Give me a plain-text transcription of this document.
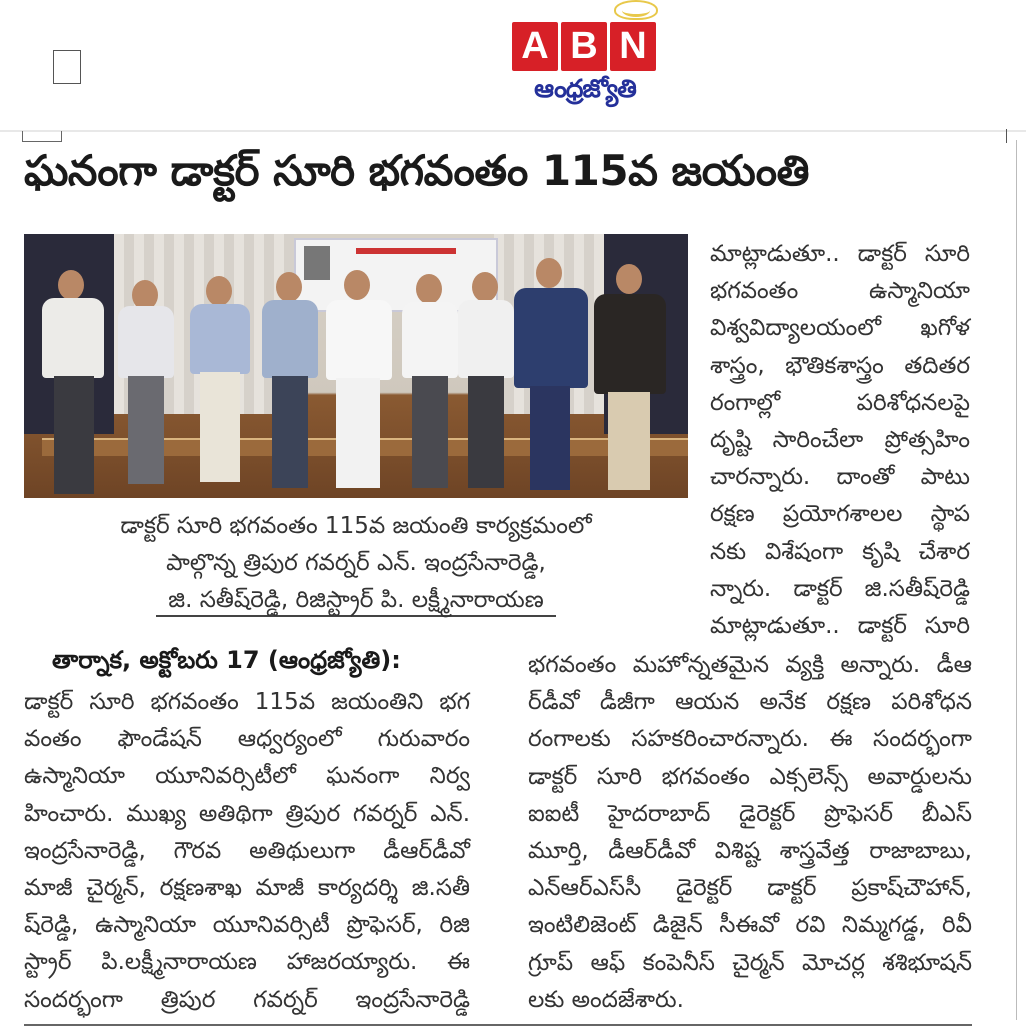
A B N
ఆంధ్రజ్యోతి
ఘనంగా డాక్టర్ సూరి భగవంతం 115వ జయంతి
డాక్టర్ సూరి భగవంతం 115వ జయంతి కార్యక్రమంలో
పాల్గొన్న త్రిపుర గవర్నర్ ఎన్. ఇంద్రసేనారెడ్డి,
జి. సతీష్‌రెడ్డి, రిజిస్ట్రార్ పి. లక్ష్మీనారాయణ

మాట్లాడుతూ.. డాక్టర్ సూరి

భగవంతం ఉస్మానియా

విశ్వవిద్యాలయంలో ఖగోళ

శాస్త్రం, భౌతికశాస్త్రం తదితర

రంగాల్లో పరిశోధనలపై

దృష్టి సారించేలా ప్రోత్సహిం

చారన్నారు. దాంతో పాటు

రక్షణ ప్రయోగశాలల స్థాప

నకు విశేషంగా కృషి చేశార

న్నారు. డాక్టర్ జి.సతీష్‌రెడ్డి

మాట్లాడుతూ.. డాక్టర్ సూరి

తార్నాక, అక్టోబరు 17 (ఆంధ్రజ్యోతి):

డాక్టర్ సూరి భగవంతం 115వ జయంతిని భగ

వంతం ఫౌండేషన్ ఆధ్వర్యంలో గురువారం

ఉస్మానియా యూనివర్సిటీలో ఘనంగా నిర్వ

హించారు. ముఖ్య అతిథిగా త్రిపుర గవర్నర్ ఎన్.

ఇంద్రసేనారెడ్డి, గౌరవ అతిథులుగా డీఆర్‌డీవో

మాజీ చైర్మన్, రక్షణశాఖ మాజీ కార్యదర్శి జి.సతీ

ష్‌రెడ్డి, ఉస్మానియా యూనివర్సిటీ ప్రొఫెసర్, రిజి

స్ట్రార్ పి.లక్ష్మీనారాయణ హాజరయ్యారు. ఈ

సందర్భంగా త్రిపుర గవర్నర్ ఇంద్రసేనారెడ్డి

భగవంతం మహోన్నతమైన వ్యక్తి అన్నారు. డీఆ

ర్‌డీవో డీజీగా ఆయన అనేక రక్షణ పరిశోధన

రంగాలకు సహకరించారన్నారు. ఈ సందర్భంగా

డాక్టర్ సూరి భగవంతం ఎక్సలెన్స్ అవార్డులను

ఐఐటీ హైదరాబాద్ డైరెక్టర్ ప్రొఫెసర్ బీఎస్

మూర్తి, డీఆర్‌డీవో విశిష్ట శాస్త్రవేత్త రాజాబాబు,

ఎన్ఆర్ఎస్‌సీ డైరెక్టర్ డాక్టర్ ప్రకాష్‌చౌహాన్,

ఇంటిలిజెంట్ డిజైన్ సీఈవో రవి నిమ్మగడ్డ, రివీ

గ్రూప్ ఆఫ్ కంపెనీస్ చైర్మన్ మోచర్ల శశిభూషన్

లకు అందజేశారు.
